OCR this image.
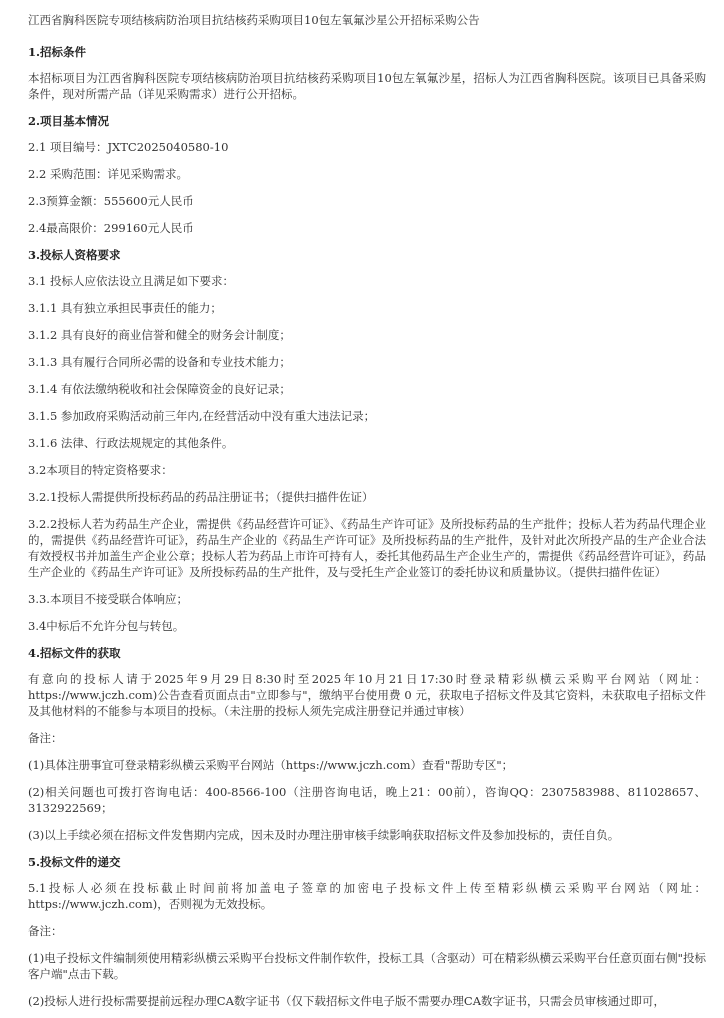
江西省胸科医院专项结核病防治项目抗结核药采购项目10包左氧氟沙星公开招标采购公告
1.招标条件

本招标项目为江西省胸科医院专项结核病防治项目抗结核药采购项目10包左氧氟沙星，招标人为江西省胸科医院。该项目已具备采购条件，现对所需产品（详见采购需求）进行公开招标。

2.项目基本情况

2.1 项目编号：JXTC2025040580-10

2.2 采购范围：详见采购需求。

2.3预算金额：555600元人民币

2.4最高限价：299160元人民币

3.投标人资格要求

3.1 投标人应依法设立且满足如下要求：

3.1.1 具有独立承担民事责任的能力；

3.1.2 具有良好的商业信誉和健全的财务会计制度；

3.1.3 具有履行合同所必需的设备和专业技术能力；

3.1.4 有依法缴纳税收和社会保障资金的良好记录；

3.1.5 参加政府采购活动前三年内,在经营活动中没有重大违法记录；

3.1.6 法律、行政法规规定的其他条件。

3.2本项目的特定资格要求：

3.2.1投标人需提供所投标药品的药品注册证书；（提供扫描件佐证）

3.2.2投标人若为药品生产企业，需提供《药品经营许可证》、《药品生产许可证》及所投标药品的生产批件；投标人若为药品代理企业的，需提供《药品经营许可证》，药品生产企业的《药品生产许可证》及所投标药品的生产批件，及针对此次所投产品的生产企业合法有效授权书并加盖生产企业公章；投标人若为药品上市许可持有人，委托其他药品生产企业生产的，需提供《药品经营许可证》，药品生产企业的《药品生产许可证》及所投标药品的生产批件，及与受托生产企业签订的委托协议和质量协议。（提供扫描件佐证）

3.3.本项目不接受联合体响应；

3.4中标后不允许分包与转包。

4.招标文件的获取

有意向的投标人请于2025年9月29日8:30时至2025年10月21日17:30时登录精彩纵横云采购平台网站（网址：https://www.jczh.com)公告查看页面点击"立即参与"，缴纳平台使用费 0 元，获取电子招标文件及其它资料，未获取电子招标文件及其他材料的不能参与本项目的投标。（未注册的投标人须先完成注册登记并通过审核）

备注：

(1)具体注册事宜可登录精彩纵横云采购平台网站（https://www.jczh.com）查看"帮助专区"；

(2)相关问题也可拨打咨询电话：400-8566-100（注册咨询电话，晚上21：00前），咨询QQ：2307583988、811028657、3132922569；

(3)以上手续必须在招标文件发售期内完成，因未及时办理注册审核手续影响获取招标文件及参加投标的，责任自负。

5.投标文件的递交

5.1投标人必须在投标截止时间前将加盖电子签章的加密电子投标文件上传至精彩纵横云采购平台网站（网址：https://www.jczh.com)，否则视为无效投标。

备注：

(1)电子投标文件编制须使用精彩纵横云采购平台投标文件制作软件，投标工具（含驱动）可在精彩纵横云采购平台任意页面右侧"投标客户端"点击下载。

(2)投标人进行投标需要提前远程办理CA数字证书（仅下载招标文件电子版不需要办理CA数字证书，只需会员审核通过即可，
